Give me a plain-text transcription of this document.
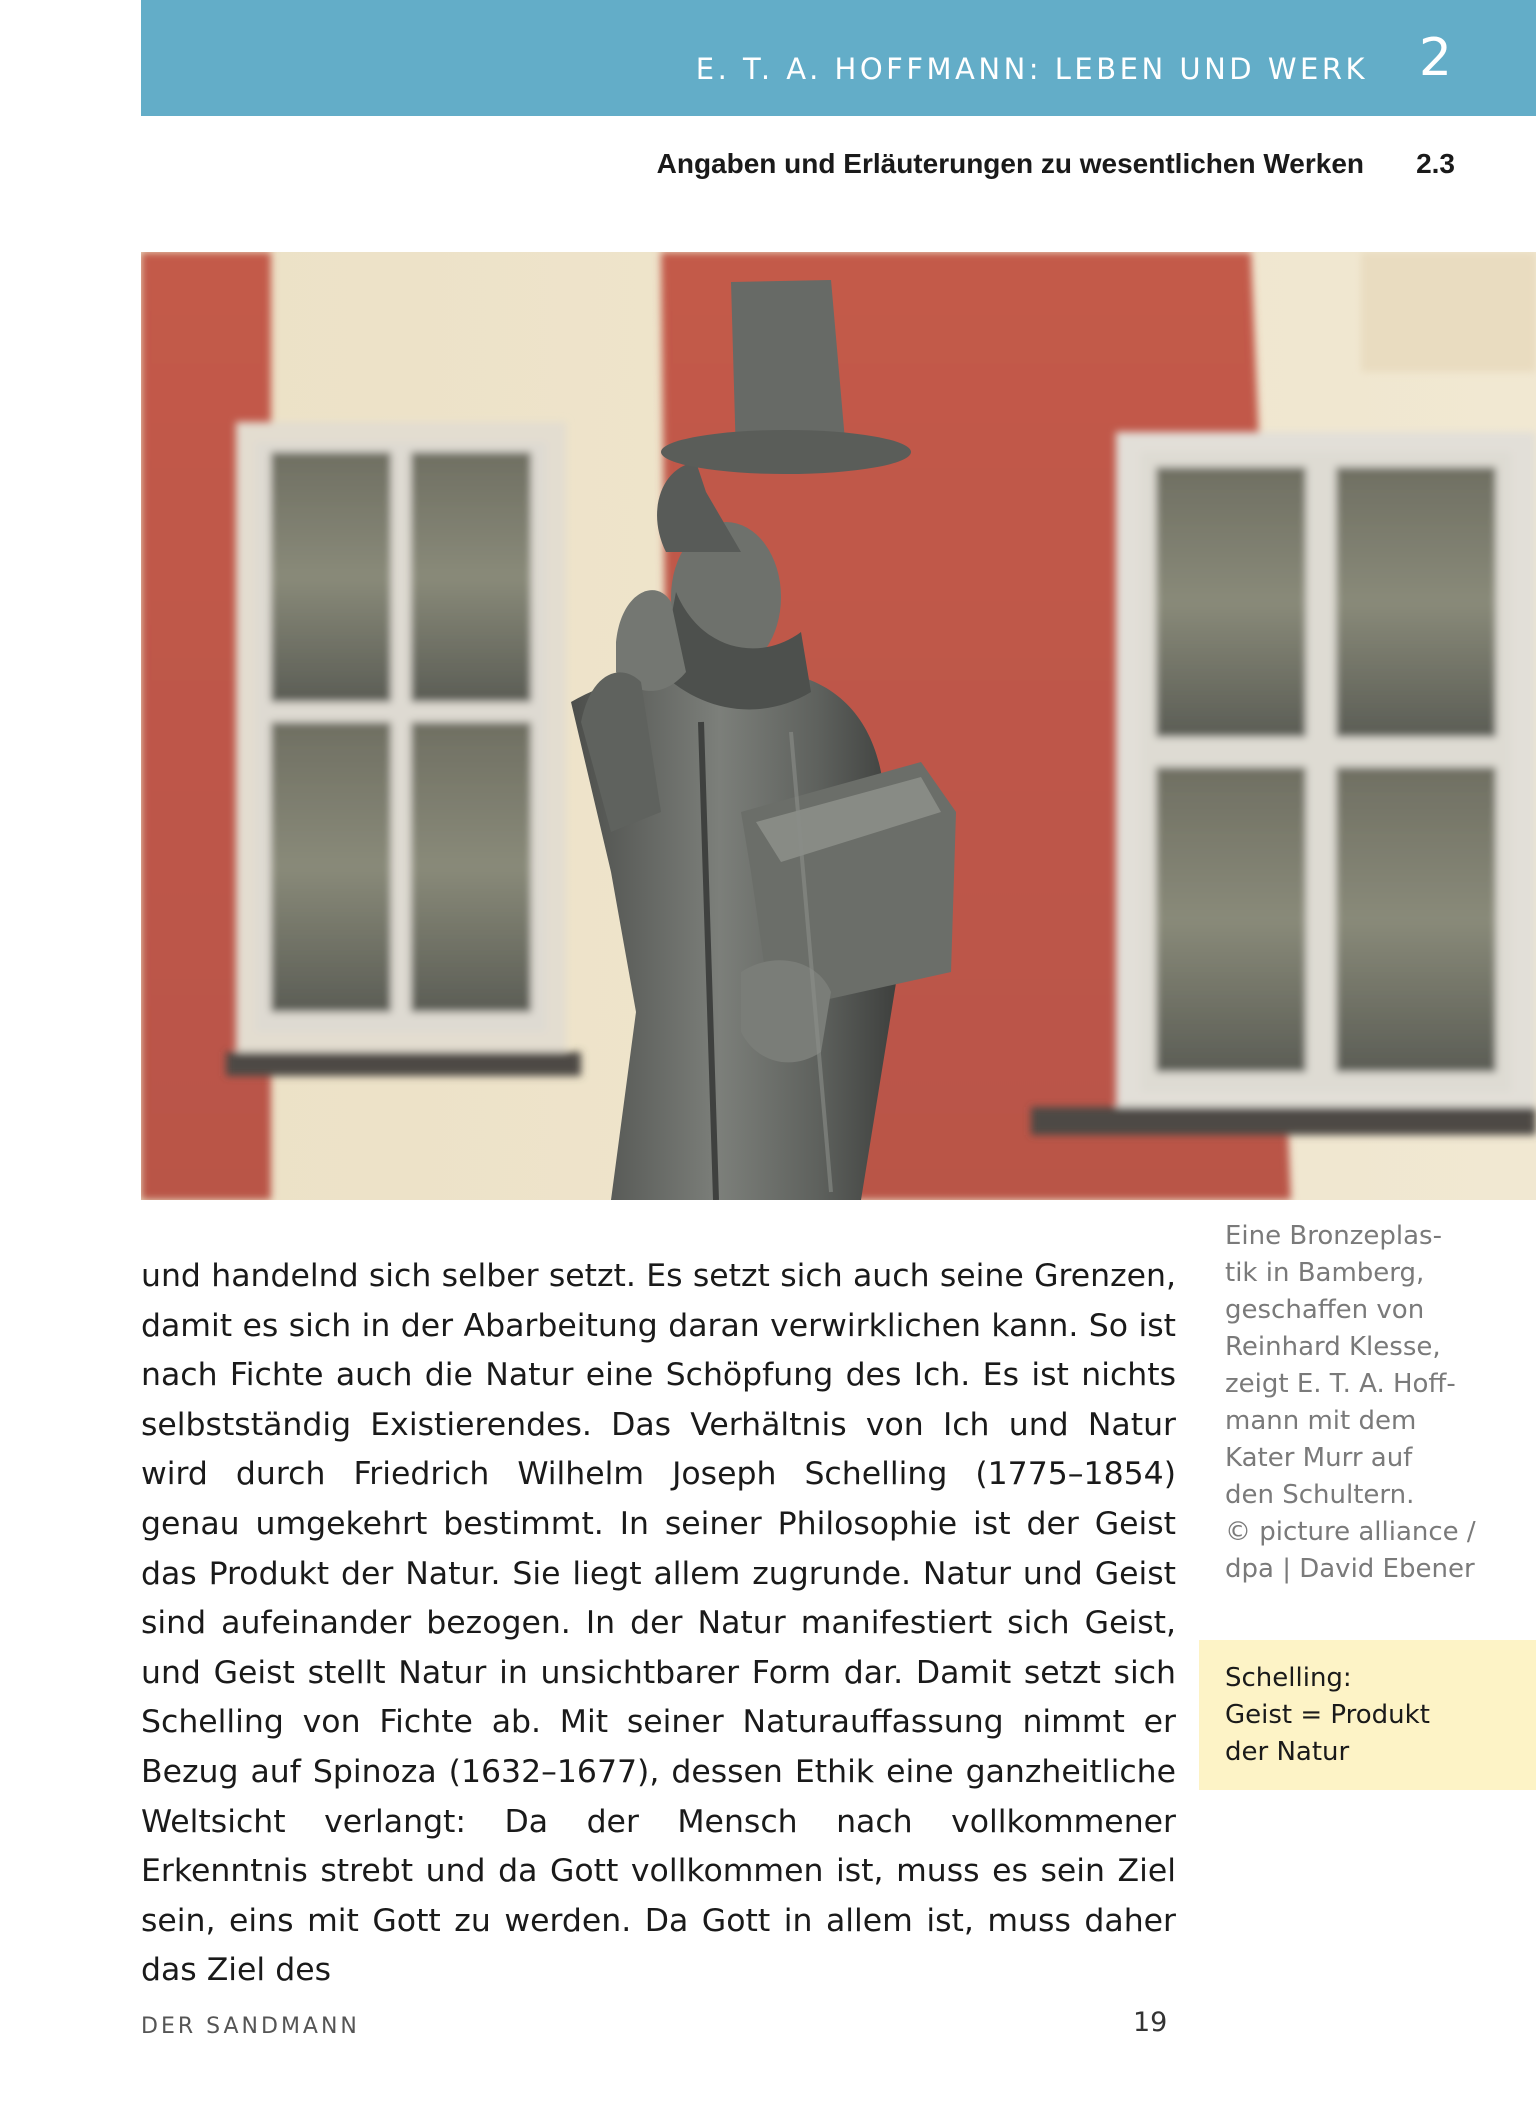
E. T. A. HOFFMANN: LEBEN UND WERK 2
Angaben und Erläuterungen zu wesentlichen Werken 2.3

und handelnd sich selber setzt. Es setzt sich auch seine Grenzen, damit es sich in der Abarbeitung daran verwirklichen kann. So ist nach Fichte auch die Natur eine Schöpfung des Ich. Es ist nichts selbstständig Existierendes. Das Verhältnis von Ich und Natur wird durch Friedrich Wilhelm Joseph Schelling (1775–1854) genau umgekehrt bestimmt. In seiner Philosophie ist der Geist das Produkt der Natur. Sie liegt allem zugrunde. Natur und Geist sind aufeinander bezogen. In der Natur manifestiert sich Geist, und Geist stellt Natur in unsichtbarer Form dar. Damit setzt sich Schelling von Fichte ab. Mit seiner Naturauffassung nimmt er Bezug auf Spinoza (1632–1677), dessen Ethik eine ganzheitliche Weltsicht verlangt: Da der Mensch nach vollkommener Erkenntnis strebt und da Gott vollkommen ist, muss es sein Ziel sein, eins mit Gott zu werden. Da Gott in allem ist, muss daher das Ziel des

Eine Bronzeplas-
tik in Bamberg,
geschaffen von
Reinhard Klesse,
zeigt E. T. A. Hoff-
mann mit dem
Kater Murr auf
den Schultern.
© picture alliance /
dpa | David Ebener
Schelling:
Geist = Produkt
der Natur
DER SANDMANN	19
